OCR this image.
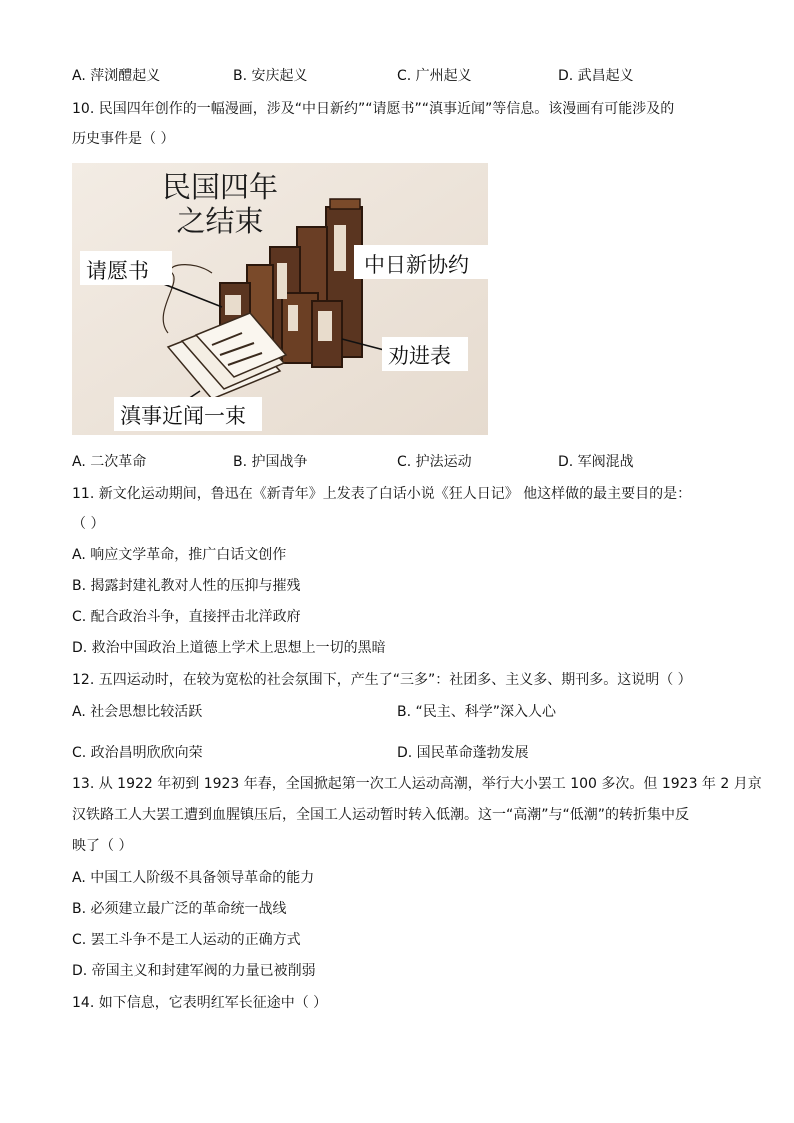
A. 萍浏醴起义	B. 安庆起义	C. 广州起义	D. 武昌起义
10. 民国四年创作的一幅漫画，涉及“中日新约”“请愿书”“滇事近闻”等信息。该漫画有可能涉及的
历史事件是（ ）
民国四年
之结束
请愿书	中日新协约
劝进表
滇事近闻一束
A. 二次革命	B. 护国战争	C. 护法运动	D. 军阀混战
11. 新文化运动期间，鲁迅在《新青年》上发表了白话小说《狂人日记》 他这样做的最主要目的是：
（ ）
A. 响应文学革命，推广白话文创作
B. 揭露封建礼教对人性的压抑与摧残
C. 配合政治斗争，直接抨击北洋政府
D. 救治中国政治上道德上学术上思想上一切的黑暗
12. 五四运动时，在较为宽松的社会氛围下，产生了“三多”：社团多、主义多、期刊多。这说明（ ）
A. 社会思想比较活跃	B. “民主、科学”深入人心
C. 政治昌明欣欣向荣	D. 国民革命蓬勃发展
13. 从 1922 年初到 1923 年春，全国掀起第一次工人运动高潮，举行大小罢工 100 多次。但 1923 年 2 月京
汉铁路工人大罢工遭到血腥镇压后，全国工人运动暂时转入低潮。这一“高潮”与“低潮”的转折集中反
映了（ ）
A. 中国工人阶级不具备领导革命的能力
B. 必须建立最广泛的革命统一战线
C. 罢工斗争不是工人运动的正确方式
D. 帝国主义和封建军阀的力量已被削弱
14. 如下信息，它表明红军长征途中（ ）
